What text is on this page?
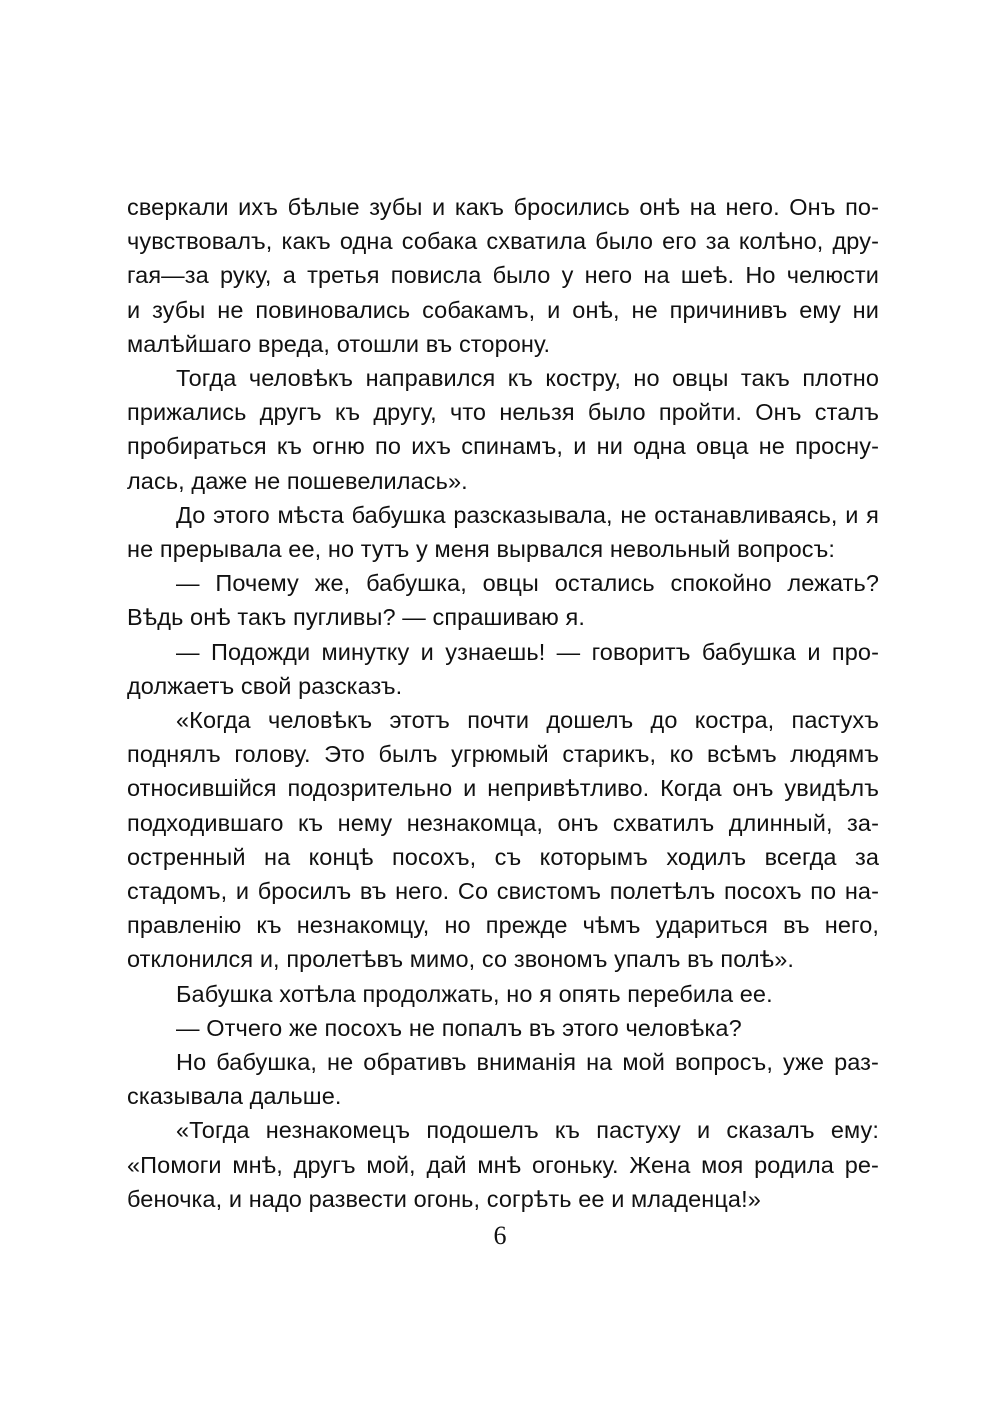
сверкали ихъ бѣлые зубы и какъ бросились онѣ на него. Онъ по-
чувствовалъ, какъ одна собака схватила было его за колѣно, дру-
гая—за руку, а третья повисла было у него на шеѣ. Но челюсти
и зубы не повиновались собакамъ, и онѣ, не причинивъ ему ни
малѣйшаго вреда, отошли въ сторону.
Тогда человѣкъ направился къ костру, но овцы такъ плотно
прижались другъ къ другу, что нельзя было пройти. Онъ сталъ
пробираться къ огню по ихъ спинамъ, и ни одна овца не просну-
лась, даже не пошевелилась».
До этого мѣста бабушка разсказывала, не останавливаясь, и я
не прерывала ее, но тутъ у меня вырвался невольный вопросъ:
— Почему же, бабушка, овцы остались спокойно лежать?
Вѣдь онѣ такъ пугливы? — спрашиваю я.
— Подожди минутку и узнаешь! — говоритъ бабушка и про-
должаетъ свой разсказъ.
«Когда человѣкъ этотъ почти дошелъ до костра, пастухъ
поднялъ голову. Это былъ угрюмый старикъ, ко всѣмъ людямъ
относившійся подозрительно и непривѣтливо. Когда онъ увидѣлъ
подходившаго къ нему незнакомца, онъ схватилъ длинный, за-
остренный на концѣ посохъ, съ которымъ ходилъ всегда за
стадомъ, и бросилъ въ него. Со свистомъ полетѣлъ посохъ по на-
правленію къ незнакомцу, но прежде чѣмъ удариться въ него,
отклонился и, пролетѣвъ мимо, со звономъ упалъ въ полѣ».
Бабушка хотѣла продолжать, но я опять перебила ее.
— Отчего же посохъ не попалъ въ этого человѣка?
Но бабушка, не обративъ вниманія на мой вопросъ, уже раз-
сказывала дальше.
«Тогда незнакомецъ подошелъ къ пастуху и сказалъ ему:
«Помоги мнѣ, другъ мой, дай мнѣ огоньку. Жена моя родила ре-
беночка, и надо развести огонь, согрѣть ее и младенца!»
6
